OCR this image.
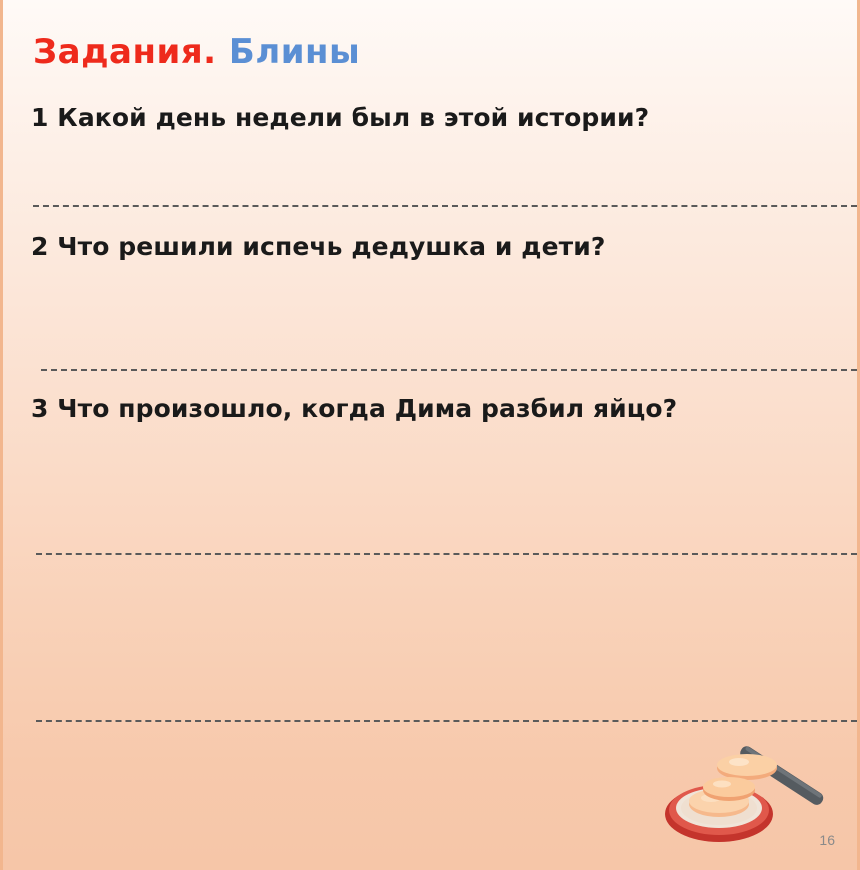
Задания. Блины
1 Какой день недели был в этой истории?
2 Что решили испечь дедушка и дети?
3 Что произошло, когда Дима разбил яйцо?
16
